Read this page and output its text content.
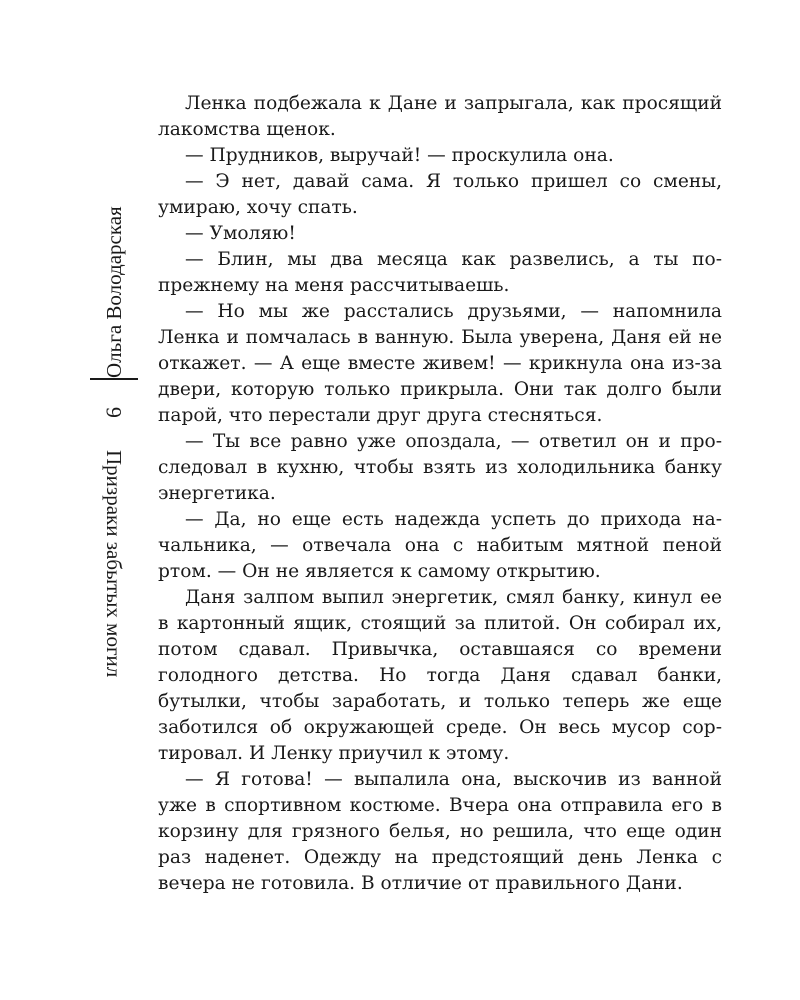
Ольга Володарская
6
Призраки забытых могил

Ленка подбежала к Дане и запрыгала, как просящий лакомства щенок.

— Прудников, выручай! — проскулила она.

— Э нет, давай сама. Я только пришел со смены, умираю, хочу спать.

— Умоляю!

— Блин, мы два месяца как развелись, а ты попрежнему на меня рассчитываешь.

— Но мы же расстались друзьями, — напомнила Ленка и помчалась в ванную. Была уверена, Даня ей не откажет. — А еще вместе живем! — крикнула она из-за двери, которую только прикрыла. Они так долго были парой, что перестали друг друга стесняться.

— Ты все равно уже опоздала, — ответил он и проследовал в кухню, чтобы взять из холодильника банку энергетика.

— Да, но еще есть надежда успеть до прихода начальника, — отвечала она с набитым мятной пеной ртом. — Он не является к самому открытию.

Даня залпом выпил энергетик, смял банку, кинул ее в картонный ящик, стоящий за плитой. Он собирал их, потом сдавал. Привычка, оставшаяся со времени голодного детства. Но тогда Даня сдавал банки, бутылки, чтобы заработать, и только теперь же еще заботился об окружающей среде. Он весь мусор сортировал. И Ленку приучил к этому.

— Я готова! — выпалила она, выскочив из ванной уже в спортивном костюме. Вчера она отправила его в корзину для грязного белья, но решила, что еще один раз наденет. Одежду на предстоящий день Ленка с вечера не готовила. В отличие от правильного Дани.
